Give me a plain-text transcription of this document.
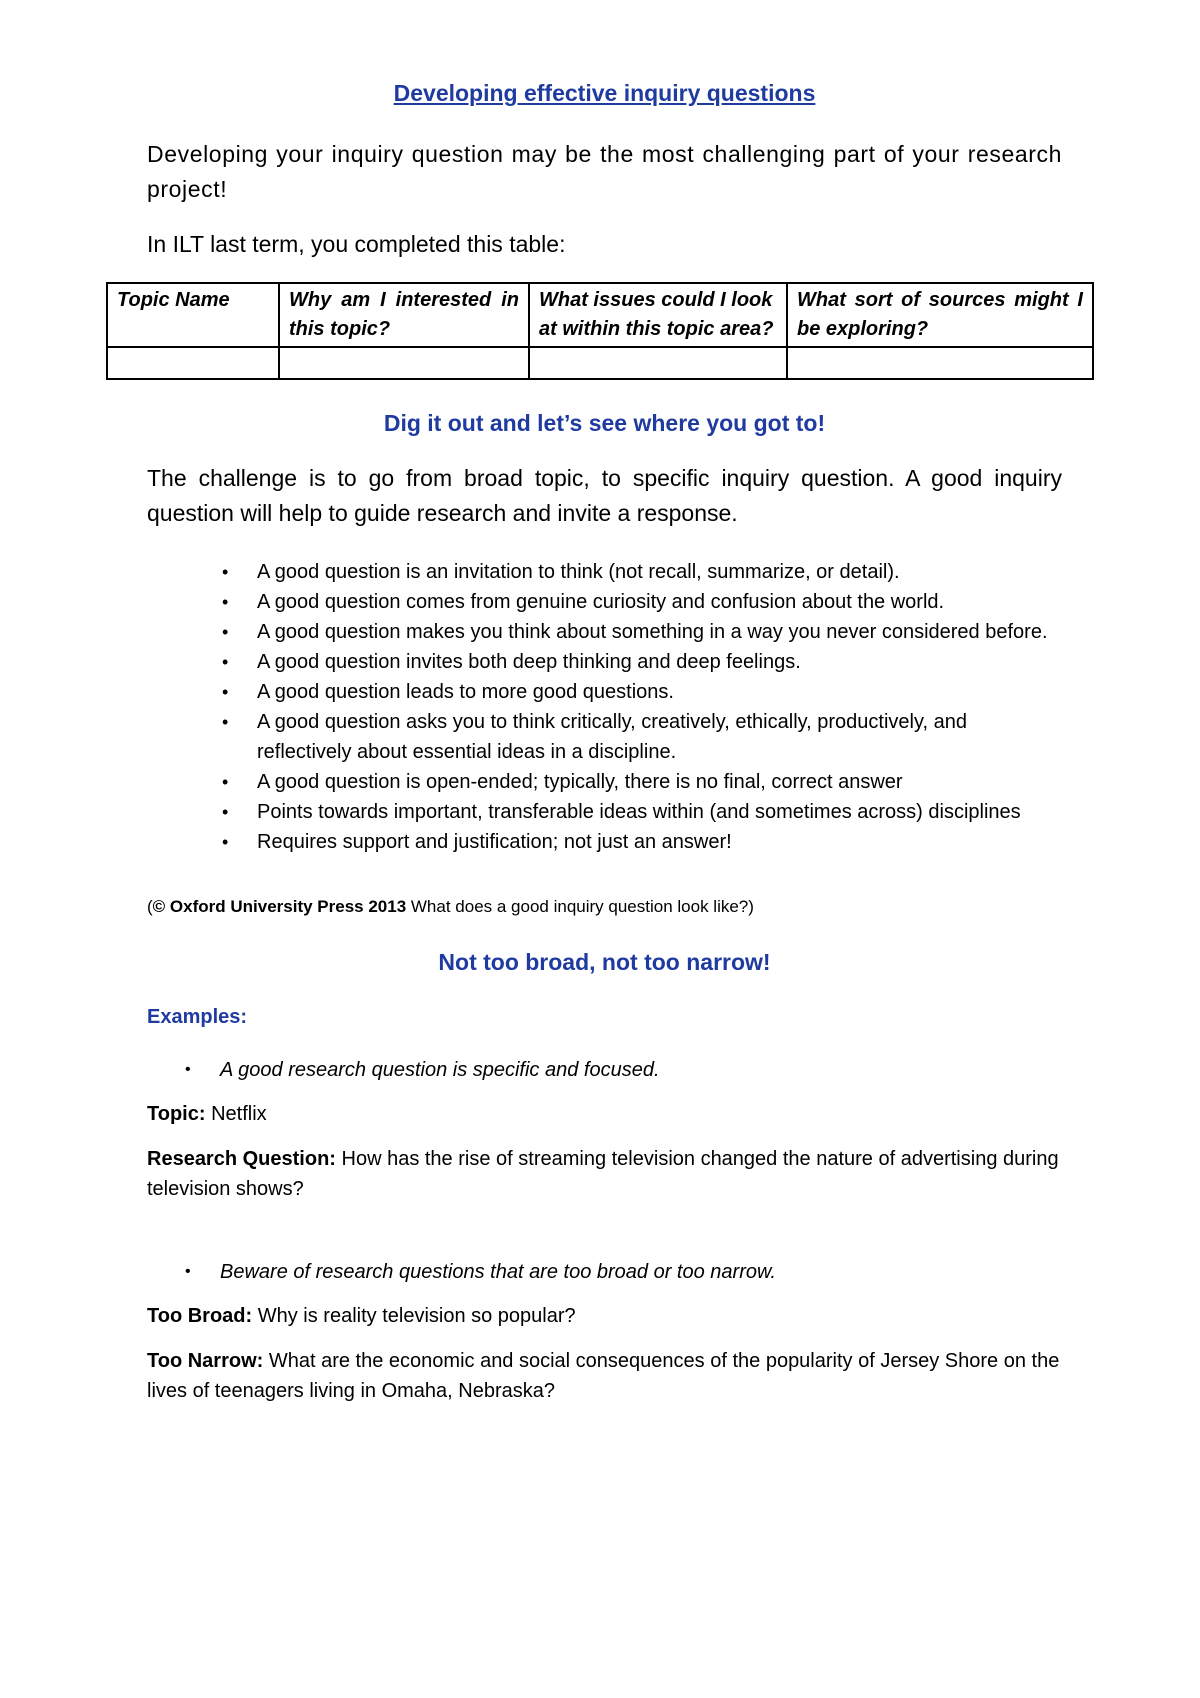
Developing effective inquiry questions

Developing your inquiry question may be the most challenging part of your research project!

In ILT last term, you completed this table:

Topic Name	Why am I interested in this topic?	What issues could I look at within this topic area?	What sort of sources might I be exploring?

Dig it out and let’s see where you got to!

The challenge is to go from broad topic, to specific inquiry question. A good inquiry question will help to guide research and invite a response.

• A good question is an invitation to think (not recall, summarize, or detail).
• A good question comes from genuine curiosity and confusion about the world.
• A good question makes you think about something in a way you never considered before.
• A good question invites both deep thinking and deep feelings.
• A good question leads to more good questions.
• A good question asks you to think critically, creatively, ethically, productively, and reflectively about essential ideas in a discipline.
• A good question is open-ended; typically, there is no final, correct answer
• Points towards important, transferable ideas within (and sometimes across) disciplines
• Requires support and justification; not just an answer!

(© Oxford University Press 2013 What does a good inquiry question look like?)

Not too broad, not too narrow!
Examples:
• A good research question is specific and focused.

Topic: Netflix

Research Question: How has the rise of streaming television changed the nature of advertising during television shows?

• Beware of research questions that are too broad or too narrow.

Too Broad: Why is reality television so popular?

Too Narrow: What are the economic and social consequences of the popularity of Jersey Shore on the lives of teenagers living in Omaha, Nebraska?
